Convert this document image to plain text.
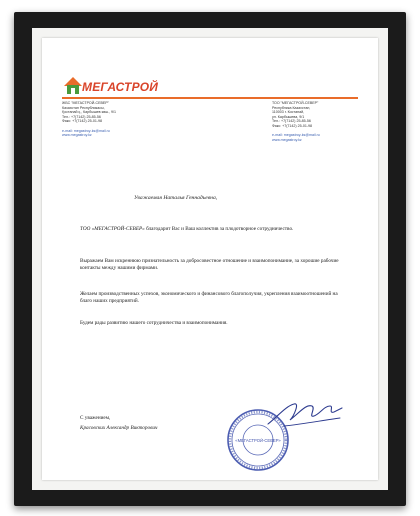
МЕГАСТРОЙ
ЖБС "МЕГАСТРОЙ-СЕВЕР"
Казахстан Республикасы,
Қостанай қ., Карбышев көш., 9/1
Тел.: +7(7142) 25-85-56
Факс: +7(7142) 25-01-98

e-mail: megastroy-ks@mail.ru
www.megastroy.kz
ТОО "МЕГАСТРОЙ-СЕВЕР"
Республика Казахстан,
110003 г. Костанай,
ул. Карбышева, 9/1
Тел.: +7(7142) 25-85-56
Факс: +7(7142) 25-01-98

e-mail: megastroy-ks@mail.ru
www.megastroy.kz
Уважаемая Наталья Геннадьевна,
ТОО «МЕГАСТРОЙ-СЕВЕР» благодарит Вас и Ваш коллектив за плодотворное сотрудничество.
Выражаем Вам искреннюю признательность за добросовестное отношение и взаимопонимание, за хорошие рабочие контакты между нашими фирмами.
Желаем производственных успехов, экономического и финансового благополучия, укрепления взаимоотношений на благо наших предприятий.
Будем рады развитию нашего сотрудничества и взаимопонимания.
С уважением,
Красовских Александр Викторович
«МЕГАСТРОЙ-СЕВЕР»
